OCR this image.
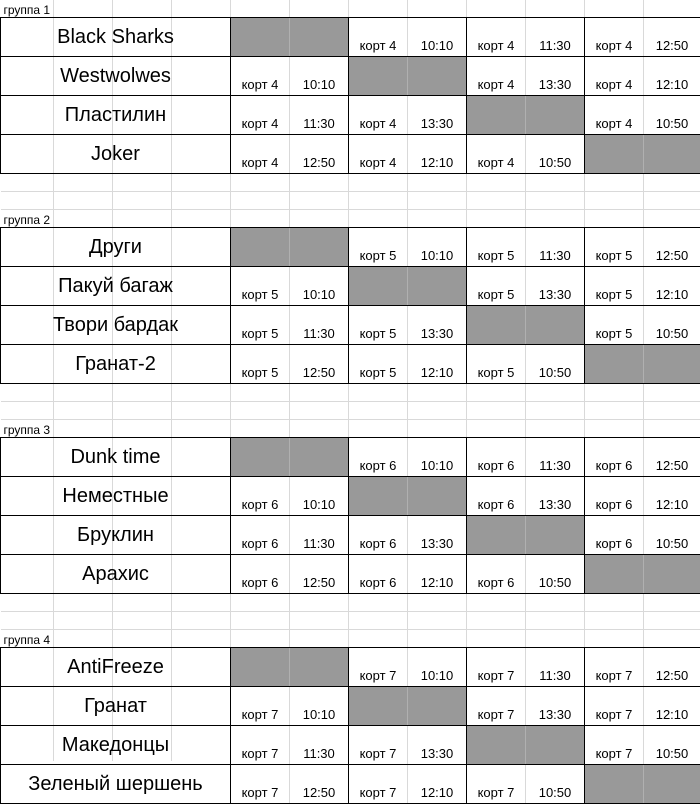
группа 1								
Black Sharks			корт 4	10:10	корт 4	11:30	корт 4	12:50
Westwolwes	корт 4	10:10			корт 4	13:30	корт 4	12:10
Пластилин	корт 4	11:30	корт 4	13:30			корт 4	10:50
Joker	корт 4	12:50	корт 4	12:10	корт 4	10:50		

группа 2								
Други			корт 5	10:10	корт 5	11:30	корт 5	12:50
Пакуй багаж	корт 5	10:10			корт 5	13:30	корт 5	12:10
Твори бардак	корт 5	11:30	корт 5	13:30			корт 5	10:50
Гранат-2	корт 5	12:50	корт 5	12:10	корт 5	10:50		

группа 3								
Dunk time			корт 6	10:10	корт 6	11:30	корт 6	12:50
Неместные	корт 6	10:10			корт 6	13:30	корт 6	12:10
Бруклин	корт 6	11:30	корт 6	13:30			корт 6	10:50
Арахис	корт 6	12:50	корт 6	12:10	корт 6	10:50		

группа 4								
AntiFreeze			корт 7	10:10	корт 7	11:30	корт 7	12:50
Гранат	корт 7	10:10			корт 7	13:30	корт 7	12:10
Македонцы	корт 7	11:30	корт 7	13:30			корт 7	10:50
Зеленый шершень	корт 7	12:50	корт 7	12:10	корт 7	10:50		
